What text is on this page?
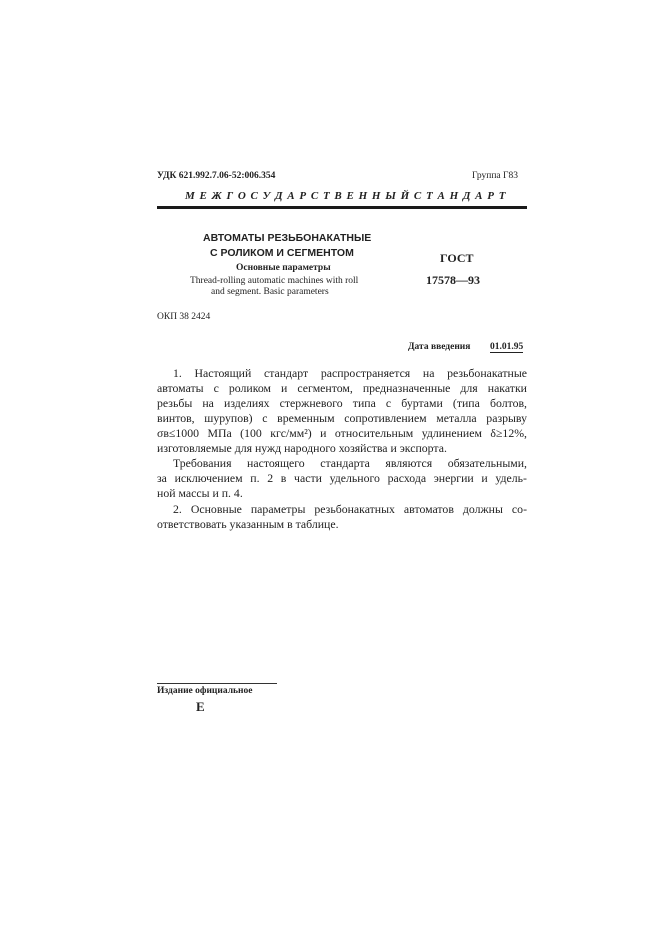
УДК 621.992.7.06-52:006.354	Группа Г83
М Е Ж Г О С У Д А Р С Т В Е Н Н Ы Й С Т А Н Д А Р Т
АВТОМАТЫ РЕЗЬБОНАКАТНЫЕ
С РОЛИКОМ И СЕГМЕНТОМ
Основные параметры
Thread-rolling automatic machines with roll
and segment. Basic parameters
ГОСТ
17578—93
ОКП 38 2424
Дата введения 01.01.95
1. Настоящий стандарт распространяется на резьбонакатные
автоматы с роликом и сегментом, предназначенные для накатки
резьбы на изделиях стержневого типа с буртами (типа болтов,
винтов, шурупов) с временным сопротивлением металла разрыву
σв≤1000 МПа (100 кгс/мм²) и относительным удлинением δ≥12%,
изготовляемые для нужд народного хозяйства и экспорта.
Требования настоящего стандарта являются обязательными,
за исключением п. 2 в части удельного расхода энергии и удель-
ной массы и п. 4.
2. Основные параметры резьбонакатных автоматов должны со-
ответствовать указанным в таблице.
Издание официальное
Е
